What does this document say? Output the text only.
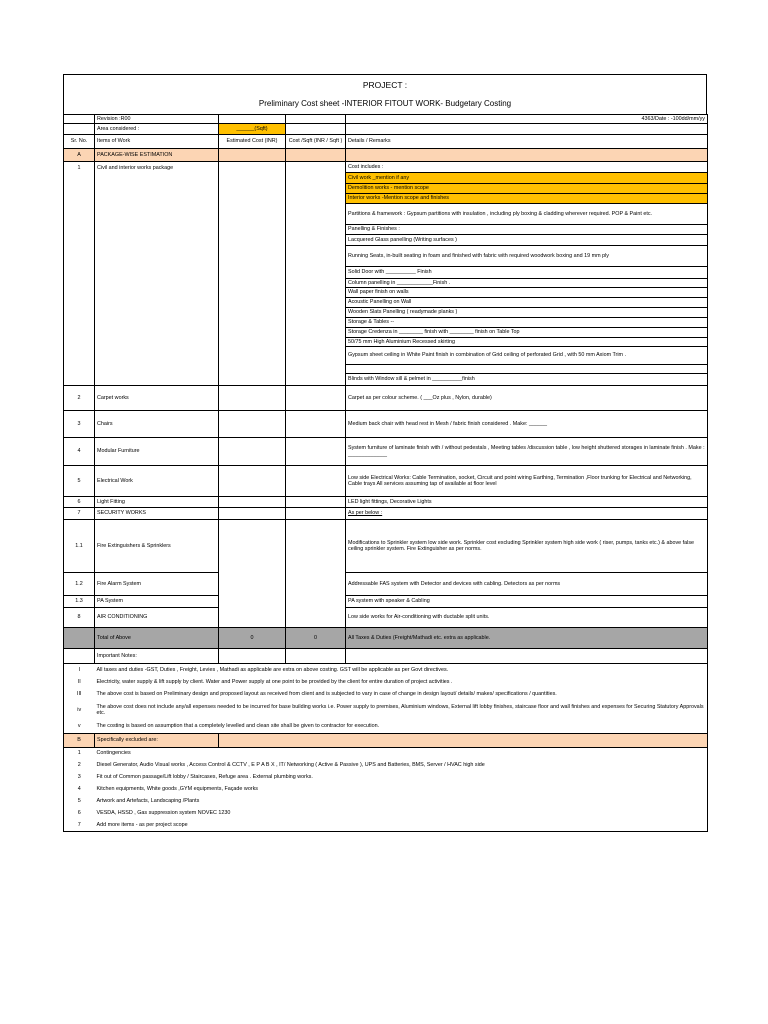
PROJECT :
Preliminary Cost sheet -INTERIOR FITOUT WORK- Budgetary Costing
	Revision :R00			4363/Date : -100dd/mm/yy
	Area considered :	______(Sqft)		
Sr. No.	Items of Work	Estimated Cost (INR)	Cost /Sqft (INR / Sqft )	Details / Remarks
A	PACKAGE-WISE ESTIMATION			
1	Civil and interior works package			Cost includes :
				Civil work _mention if any
				Demolition works - mention scope
				Interior works -Mention scope and finishes
				Partitions & framework : Gypsum partitions with insulation , including ply boxing & cladding wherever required. POP & Paint etc.
				Panelling & Finishes :
				Lacquered Glass panelling (Writing surfaces )
				Running Seats, in-built seating in foam and finished with fabric with required woodwork boxing and 19 mm ply
				Solid Door with __________ Finish
				Column panelling in ____________Finish .
				Wall paper finish on walls
				Acoustic Panelling on Wall
				Wooden Slats Panelling ( readymade planks )
				Storage & Tables --
				Storage Credenza in ________ finish with ________ finish on Table Top
				50/75 mm High Aluminium Recessed skirting
				Gypsum sheet ceiling in White Paint finish in combination of Grid ceiling of perforated Grid , with 50 mm Axiom Trim .

				Blinds with Window sill & pelmet in __________finish
2	Carpet works			Carpet as per colour scheme. ( ___Oz plus , Nylon, durable)
3	Chairs			Medium back chair with head rest in Mesh / fabric finish considered . Make: ______
4	Modular Furniture			System furniture of laminate finish with / without pedestals , Meeting tables /discussion table , low height shuttered storages in laminate finish . Make : _____________
5	Electrical Work			Low side Electrical Works: Cable Termination, socket, Circuit and point wiring Earthing, Termination ,Floor trunking for Electrical and Networking, Cable trays All services assuming tap of available at floor level
6	Light Fitting			LED light fittings, Decorative Lights
7	SECURITY WORKS			As per below :
1.1	Fire Extinguishers & Sprinklers			Modifications to Sprinkler system low side work. Sprinkler cost excluding Sprinkler system high side work ( riser, pumps, tanks etc.) & above false ceiling sprinkler system. Fire Extinguisher as per norms.
1.2	Fire Alarm System			Addressable FAS system with Detector and devices with cabling. Detectors as per norms
1.3	PA System			PA system with speaker & Cabling
8	AIR CONDITIONING			Low side works for Air-conditioning with ductable split units.
	Total of Above	0	0	All Taxes & Duties (Freight/Mathadi etc. extra as applicable.
	Important Notes:			
I	All taxes and duties -GST, Duties , Freight, Levies , Mathadi as applicable are extra on above costing. GST will be applicable as per Govt directives.
II	Electricity, water supply & lift supply by client. Water and Power supply at one point to be provided by the client for entire duration of project activities .
III	The above cost is based on Preliminary design and proposed layout as received from client and is subjected to vary in case of change in design layout/ details/ makes/ specifications / quantities.
iv	The above cost does not include any/all expenses needed to be incurred for base building works i.e. Power supply to premises, Aluminium windows, External lift lobby finishes, staircase floor and wall finishes and expenses for Securing Statutory Approvals etc.
v	The costing is based on assumption that a completely levelled and clean site shall be given to contractor for execution.
B	Specifically excluded are:	
1	Contingencies
2	Diesel Generator, Audio Visual works , Access Control & CCTV , E P A B X , IT/ Networking ( Active & Passive ), UPS and Batteries, BMS, Server / HVAC high side
3	Fit out of Common passage/Lift lobby / Staircases, Refuge area . External plumbing works.
4	Kitchen equipments, White goods ,GYM equipments, Façade works
5	Artwork and Artefacts, Landscaping /Plants
6	VESDA, HSSD , Gas suppression system NOVEC 1230
7	Add more items - as per project scope
